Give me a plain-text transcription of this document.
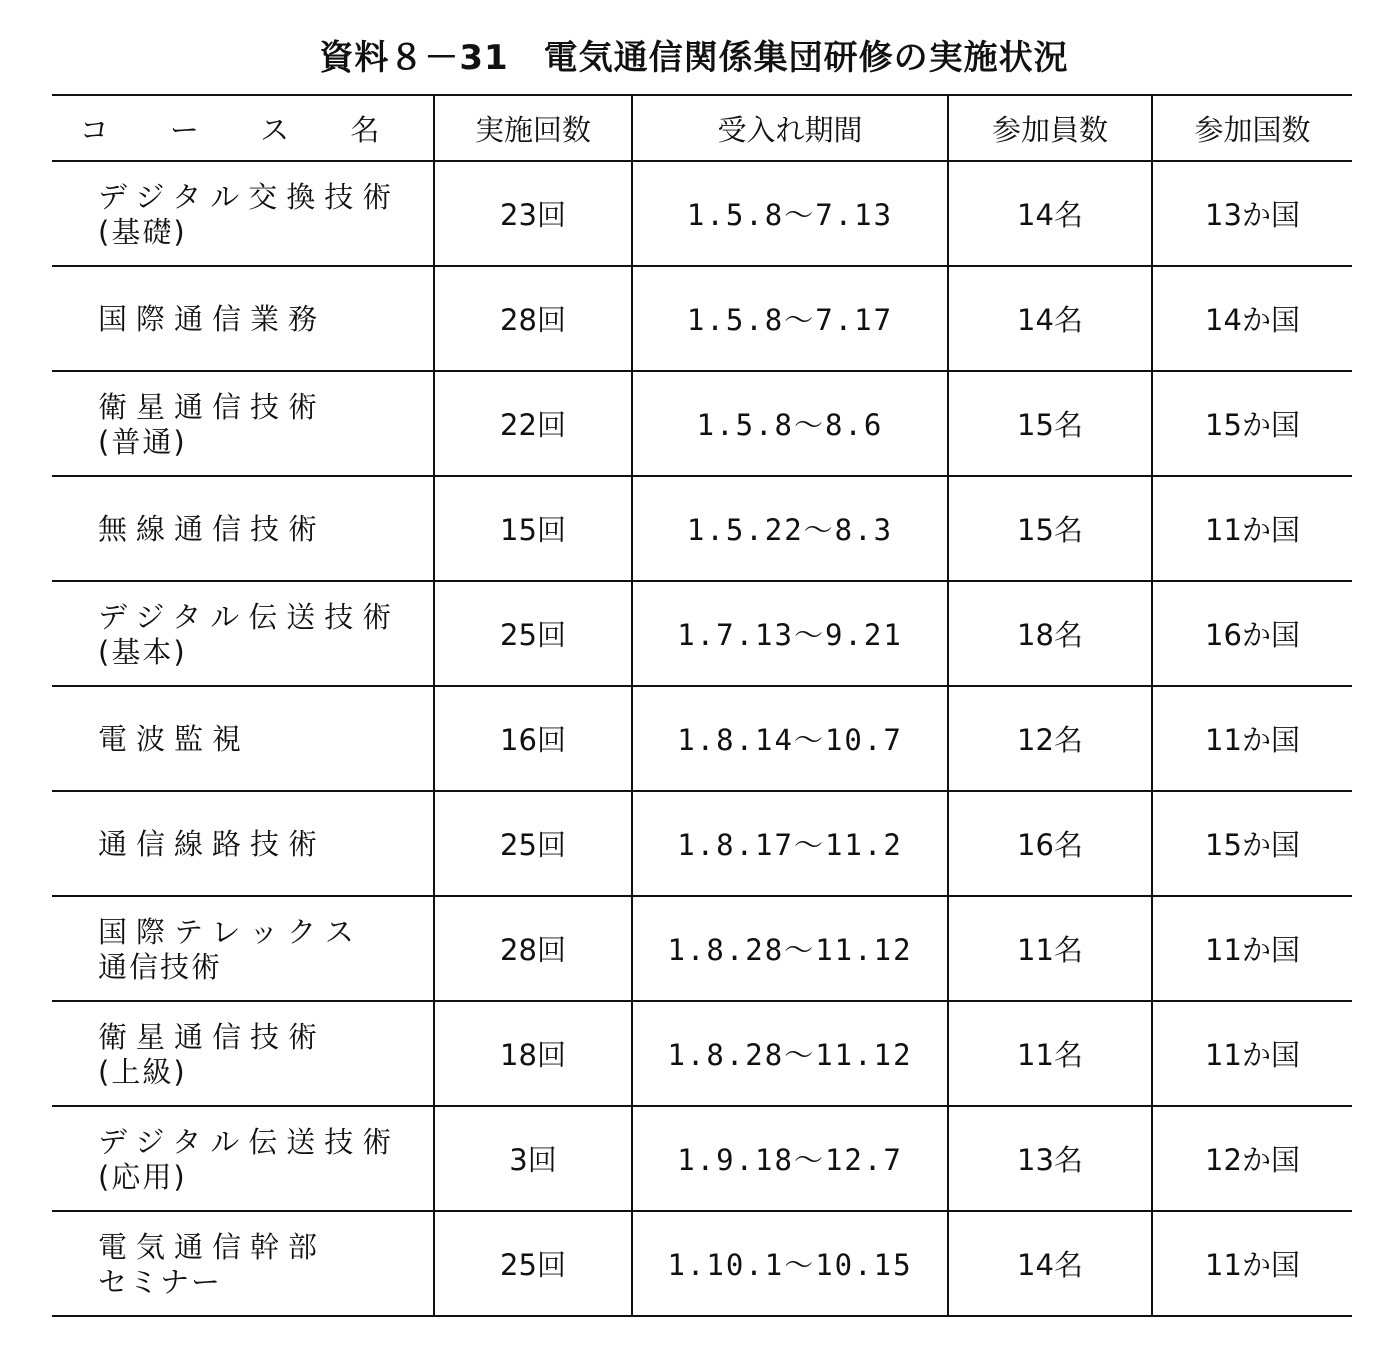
資料８－31　電気通信関係集団研修の実施状況
コ ー ス 名	実施回数	受入れ期間	参加員数	参加国数

デジタル交換技術
(基礎)	23回	1.5.8～7.13	14名	13か国

国際通信業務	28回	1.5.8～7.17	14名	14か国

衛星通信技術
(普通)	22回	1.5.8～8.6	15名	15か国

無線通信技術	15回	1.5.22～8.3	15名	11か国

デジタル伝送技術
(基本)	25回	1.7.13～9.21	18名	16か国

電波監視	16回	1.8.14～10.7	12名	11か国

通信線路技術	25回	1.8.17～11.2	16名	15か国

国際テレックス
通信技術	28回	1.8.28～11.12	11名	11か国

衛星通信技術
(上級)	18回	1.8.28～11.12	11名	11か国

デジタル伝送技術
(応用)	3回	1.9.18～12.7	13名	12か国

電気通信幹部
セミナー	25回	1.10.1～10.15	14名	11か国
